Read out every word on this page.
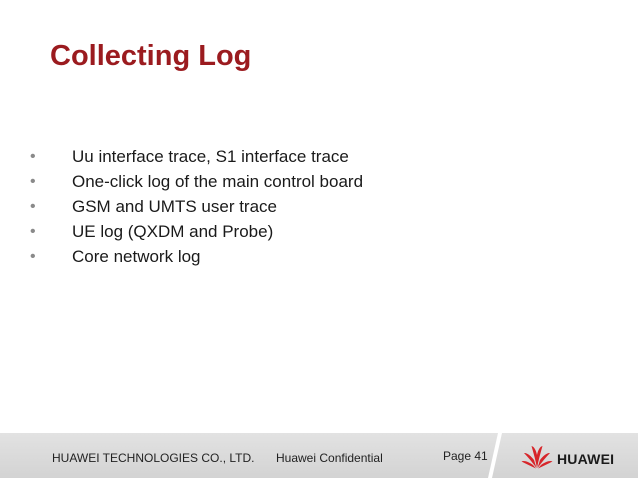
Collecting Log
• Uu interface trace, S1 interface trace
• One-click log of the main control board
• GSM and UMTS user trace
• UE log (QXDM and Probe)
• Core network log
HUAWEI TECHNOLOGIES CO., LTD. Huawei Confidential	Page 41	HUAWEI
